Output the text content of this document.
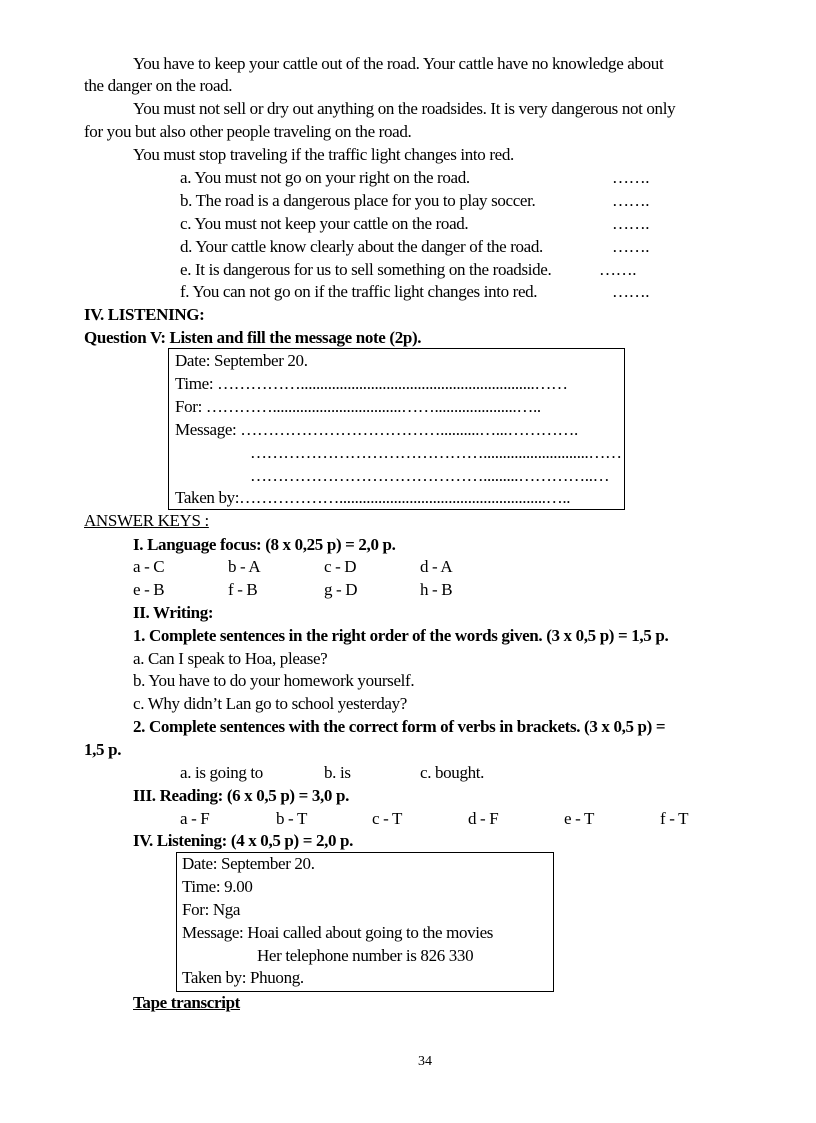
You have to keep your cattle out of the road. Your cattle have no knowledge about
the danger on the road.
You must not sell or dry out anything on the roadsides. It is very dangerous not only
for you but also other people traveling on the road.
You must stop traveling if the traffic light changes into red.
a. You must not go on your right on the road.	…….
b. The road is a dangerous place for you to play soccer.	…….
c. You must not keep your cattle on the road.	…….
d. Your cattle know clearly about the danger of the road.	…….
e. It is dangerous for us to sell something on the roadside.	…….
f. You can not go on if the traffic light changes into red.	…….
IV. LISTENING:
Question V: Listen and fill the message note (2p).
Date: September 20.
Time: ……………............................................................……
For: ………….................................…….....................…..
Message: ………………………………..........…...………….
……………………………………...........................……
…………………………………….........…………..…
Taken by:……………….....................................................…..
ANSWER KEYS :
I. Language focus: (8 x 0,25 p) = 2,0 p.
a - C	b - A	c - D	d - A
e - B	f - B	g - D	h - B
II. Writing:
1. Complete sentences in the right order of the words given. (3 x 0,5 p) = 1,5 p.
a. Can I speak to Hoa, please?
b. You have to do your homework yourself.
c. Why didn’t Lan go to school yesterday?
2. Complete sentences with the correct form of verbs in brackets. (3 x 0,5 p) =
1,5 p.
a. is going to	b. is	c. bought.
III. Reading: (6 x 0,5 p) = 3,0 p.
a - F	b - T	c - T	d - F	e - T	f - T
IV. Listening: (4 x 0,5 p) = 2,0 p.
Date: September 20.
Time: 9.00
For: Nga
Message: Hoai called about going to the movies
Her telephone number is 826 330
Taken by: Phuong.
Tape transcript
34
